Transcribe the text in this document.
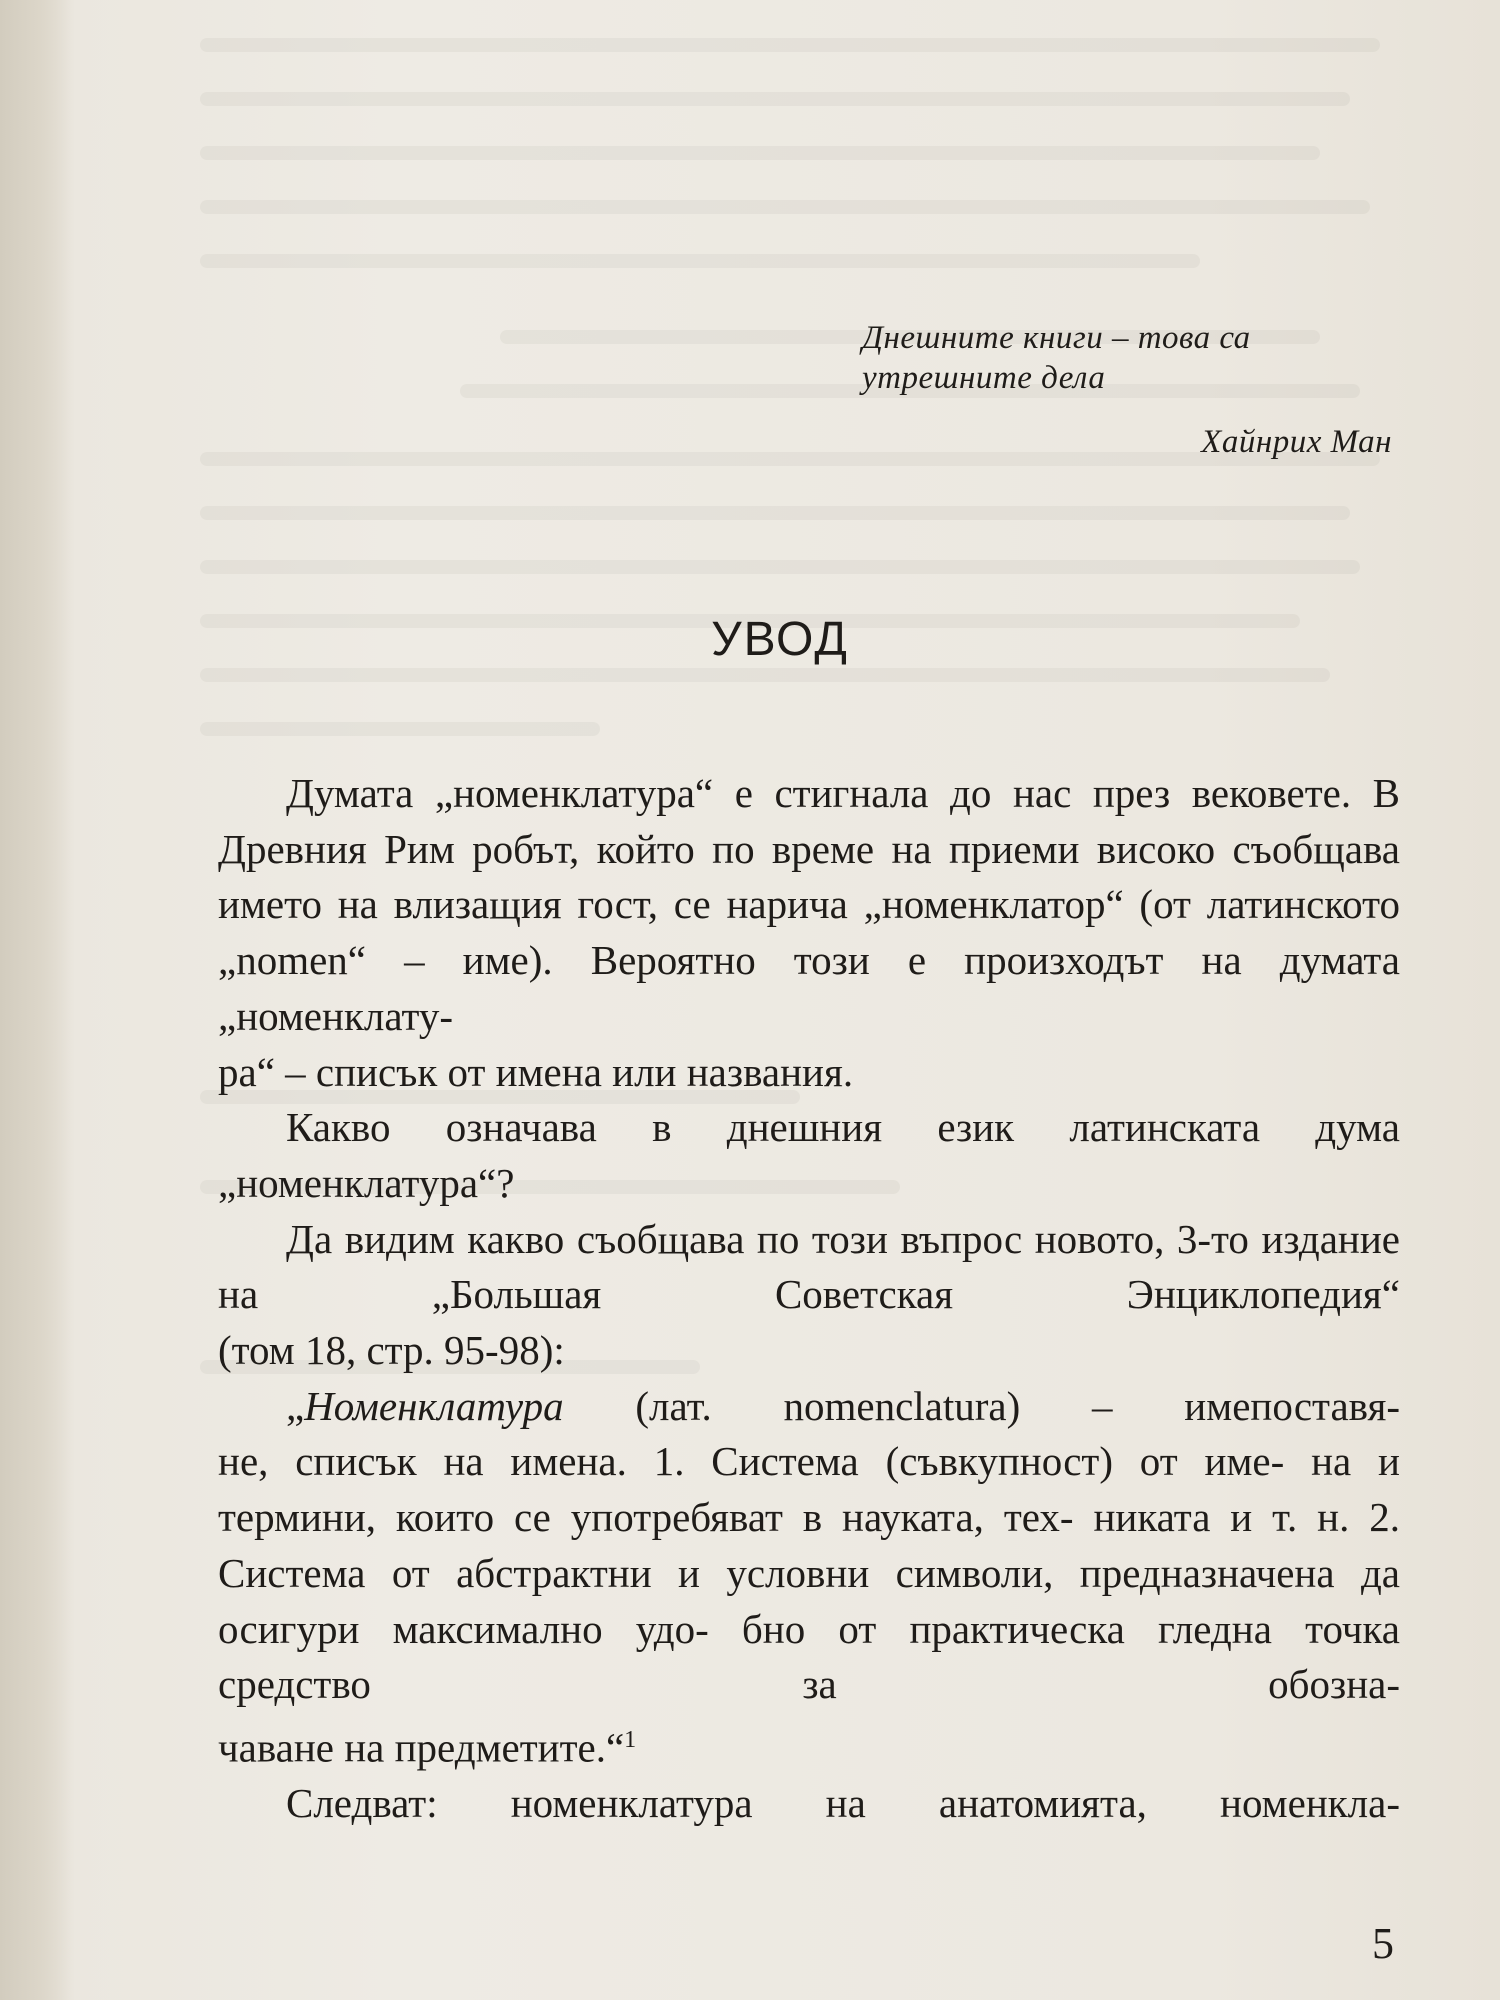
Днешните книги – това са
утрешните дела
Хайнрих Ман
УВОД

Думата „номенклатура“ е стигнала до нас през вековете. В Древния Рим робът, който по време на приеми високо съобщава името на влизащия гост, се нарича „номенклатор“ (от латинското „nomen“ – име). Вероятно този е произходът на думата „номенклату-

ра“ – списък от имена или названия.

Какво означава в днешния език латинската дума

„номенклатура“?

Да видим какво съобщава по този въпрос новото, 3-то издание на „Большая Советская Энциклопедия“

(том 18, стр. 95-98):

„Номенклатура (лат. nomenclatura) – имепоставя-

не, списък на имена. 1. Система (съвкупност) от име- на и термини, които се употребяват в науката, тех- никата и т. н. 2. Система от абстрактни и условни символи, предназначена да осигури максимално удо- бно от практическа гледна точка средство за обозна-

чаване на предметите.“$^1$

Следват: номенклатура на анатомията, номенкла-

5
